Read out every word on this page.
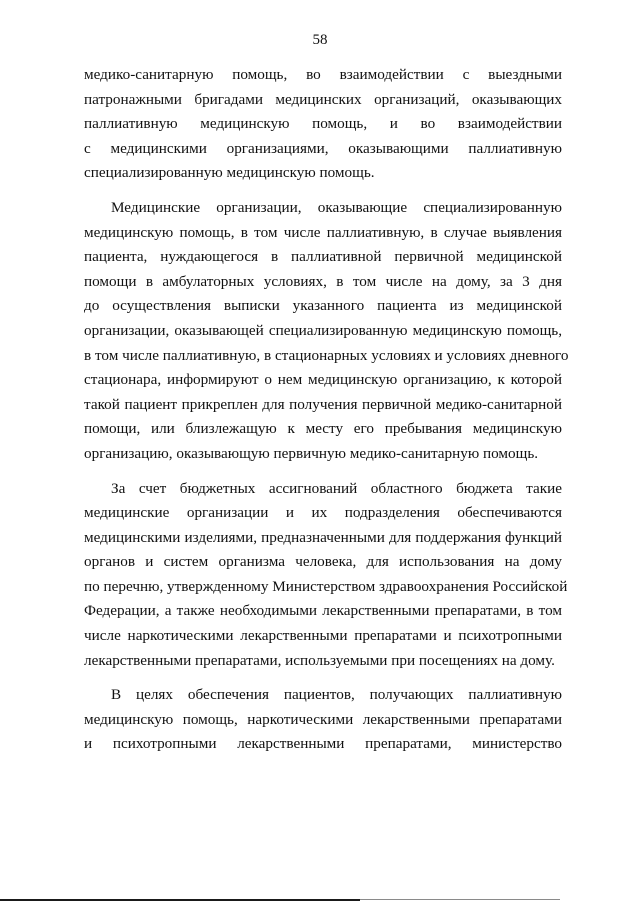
58
медико-санитарную помощь, во взаимодействии с выездными
патронажными бригадами медицинских организаций, оказывающих
паллиативную медицинскую помощь, и во взаимодействии
с медицинскими организациями, оказывающими паллиативную
специализированную медицинскую помощь.
Медицинские организации, оказывающие специализированную
медицинскую помощь, в том числе паллиативную, в случае выявления
пациента, нуждающегося в паллиативной первичной медицинской
помощи в амбулаторных условиях, в том числе на дому, за 3 дня
до осуществления выписки указанного пациента из медицинской
организации, оказывающей специализированную медицинскую помощь,
в том числе паллиативную, в стационарных условиях и условиях дневного
стационара, информируют о нем медицинскую организацию, к которой
такой пациент прикреплен для получения первичной медико-санитарной
помощи, или близлежащую к месту его пребывания медицинскую
организацию, оказывающую первичную медико-санитарную помощь.
За счет бюджетных ассигнований областного бюджета такие
медицинские организации и их подразделения обеспечиваются
медицинскими изделиями, предназначенными для поддержания функций
органов и систем организма человека, для использования на дому
по перечню, утвержденному Министерством здравоохранения Российской
Федерации, а также необходимыми лекарственными препаратами, в том
числе наркотическими лекарственными препаратами и психотропными
лекарственными препаратами, используемыми при посещениях на дому.
В целях обеспечения пациентов, получающих паллиативную
медицинскую помощь, наркотическими лекарственными препаратами
и психотропными лекарственными препаратами, министерство
